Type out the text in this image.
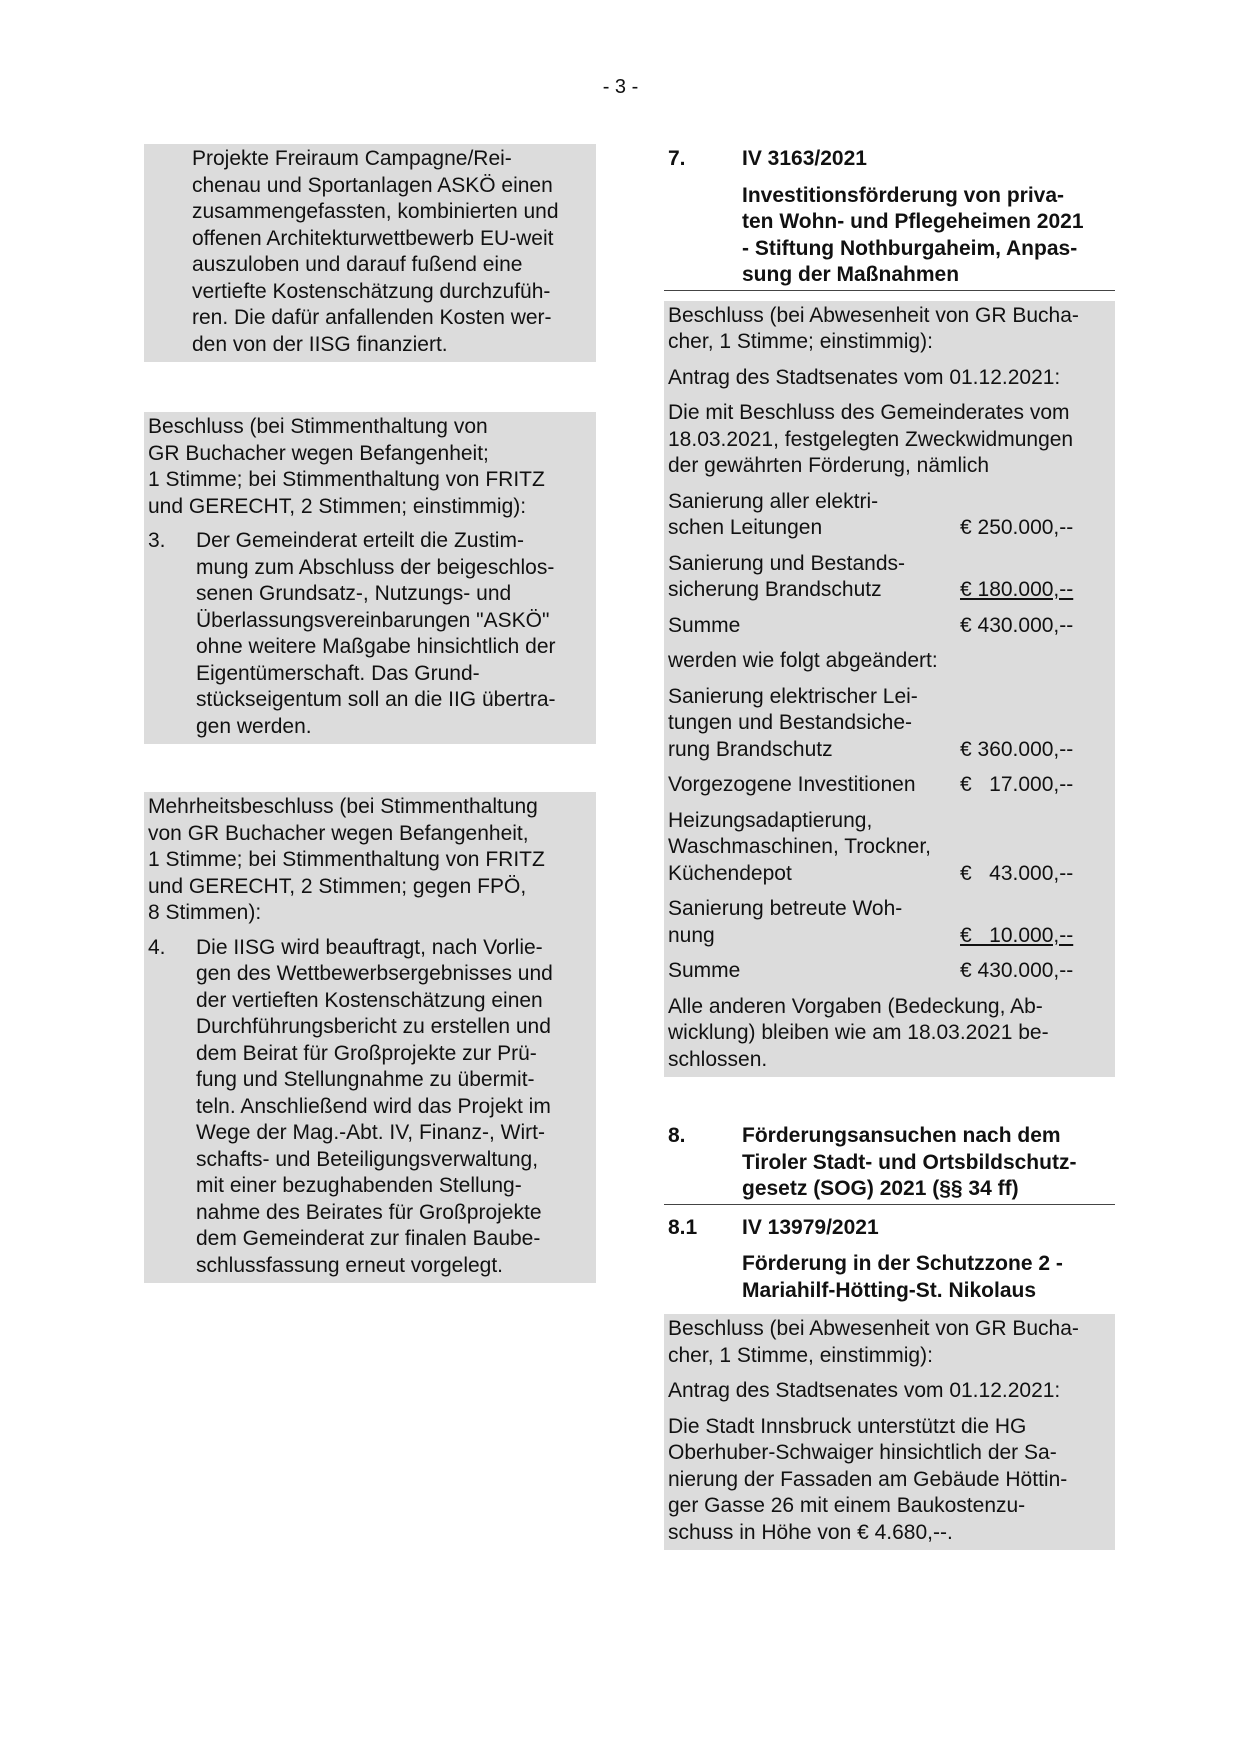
- 3 -
Projekte Freiraum Campagne/Rei-
chenau und Sportanlagen ASKÖ einen
zusammengefassten, kombinierten und
offenen Architekturwettbewerb EU-weit
auszuloben und darauf fußend eine
vertiefte Kostenschätzung durchzufüh-
ren. Die dafür anfallenden Kosten wer-
den von der IISG finanziert.
Beschluss (bei Stimmenthaltung von
GR Buchacher wegen Befangenheit;
1 Stimme; bei Stimmenthaltung von FRITZ
und GERECHT, 2 Stimmen; einstimmig):
3.	Der Gemeinderat erteilt die Zustim-
mung zum Abschluss der beigeschlos-
senen Grundsatz-, Nutzungs- und
Überlassungsvereinbarungen "ASKÖ"
ohne weitere Maßgabe hinsichtlich der
Eigentümerschaft. Das Grund-
stückseigentum soll an die IIG übertra-
gen werden.
Mehrheitsbeschluss (bei Stimmenthaltung
von GR Buchacher wegen Befangenheit,
1 Stimme; bei Stimmenthaltung von FRITZ
und GERECHT, 2 Stimmen; gegen FPÖ,
8 Stimmen):
4.	Die IISG wird beauftragt, nach Vorlie-
gen des Wettbewerbsergebnisses und
der vertieften Kostenschätzung einen
Durchführungsbericht zu erstellen und
dem Beirat für Großprojekte zur Prü-
fung und Stellungnahme zu übermit-
teln. Anschließend wird das Projekt im
Wege der Mag.-Abt. IV, Finanz-, Wirt-
schafts- und Beteiligungsverwaltung,
mit einer bezughabenden Stellung-
nahme des Beirates für Großprojekte
dem Gemeinderat zur finalen Baube-
schlussfassung erneut vorgelegt.
7.	IV 3163/2021
Investitionsförderung von priva-
ten Wohn- und Pflegeheimen 2021
- Stiftung Nothburgaheim, Anpas-
sung der Maßnahmen
Beschluss (bei Abwesenheit von GR Bucha-
cher, 1 Stimme; einstimmig):
Antrag des Stadtsenates vom 01.12.2021:
Die mit Beschluss des Gemeinderates vom
18.03.2021, festgelegten Zweckwidmungen
der gewährten Förderung, nämlich
Sanierung aller elektri-
schen Leitungen	€ 250.000,--
Sanierung und Bestands-
sicherung Brandschutz	€ 180.000,--
Summe	€ 430.000,--
werden wie folgt abgeändert:
Sanierung elektrischer Lei-
tungen und Bestandsiche-
rung Brandschutz	€ 360.000,--
Vorgezogene Investitionen	€   17.000,--
Heizungsadaptierung,
Waschmaschinen, Trockner,
Küchendepot	€   43.000,--
Sanierung betreute Woh-
nung	€   10.000,--
Summe	€ 430.000,--
Alle anderen Vorgaben (Bedeckung, Ab-
wicklung) bleiben wie am 18.03.2021 be-
schlossen.
8.	Förderungsansuchen nach dem
Tiroler Stadt- und Ortsbildschutz-
gesetz (SOG) 2021 (§§ 34 ff)
8.1	IV 13979/2021
Förderung in der Schutzzone 2 -
Mariahilf-Hötting-St. Nikolaus
Beschluss (bei Abwesenheit von GR Bucha-
cher, 1 Stimme, einstimmig):
Antrag des Stadtsenates vom 01.12.2021:
Die Stadt Innsbruck unterstützt die HG
Oberhuber-Schwaiger hinsichtlich der Sa-
nierung der Fassaden am Gebäude Höttin-
ger Gasse 26 mit einem Baukostenzu-
schuss in Höhe von € 4.680,--.
